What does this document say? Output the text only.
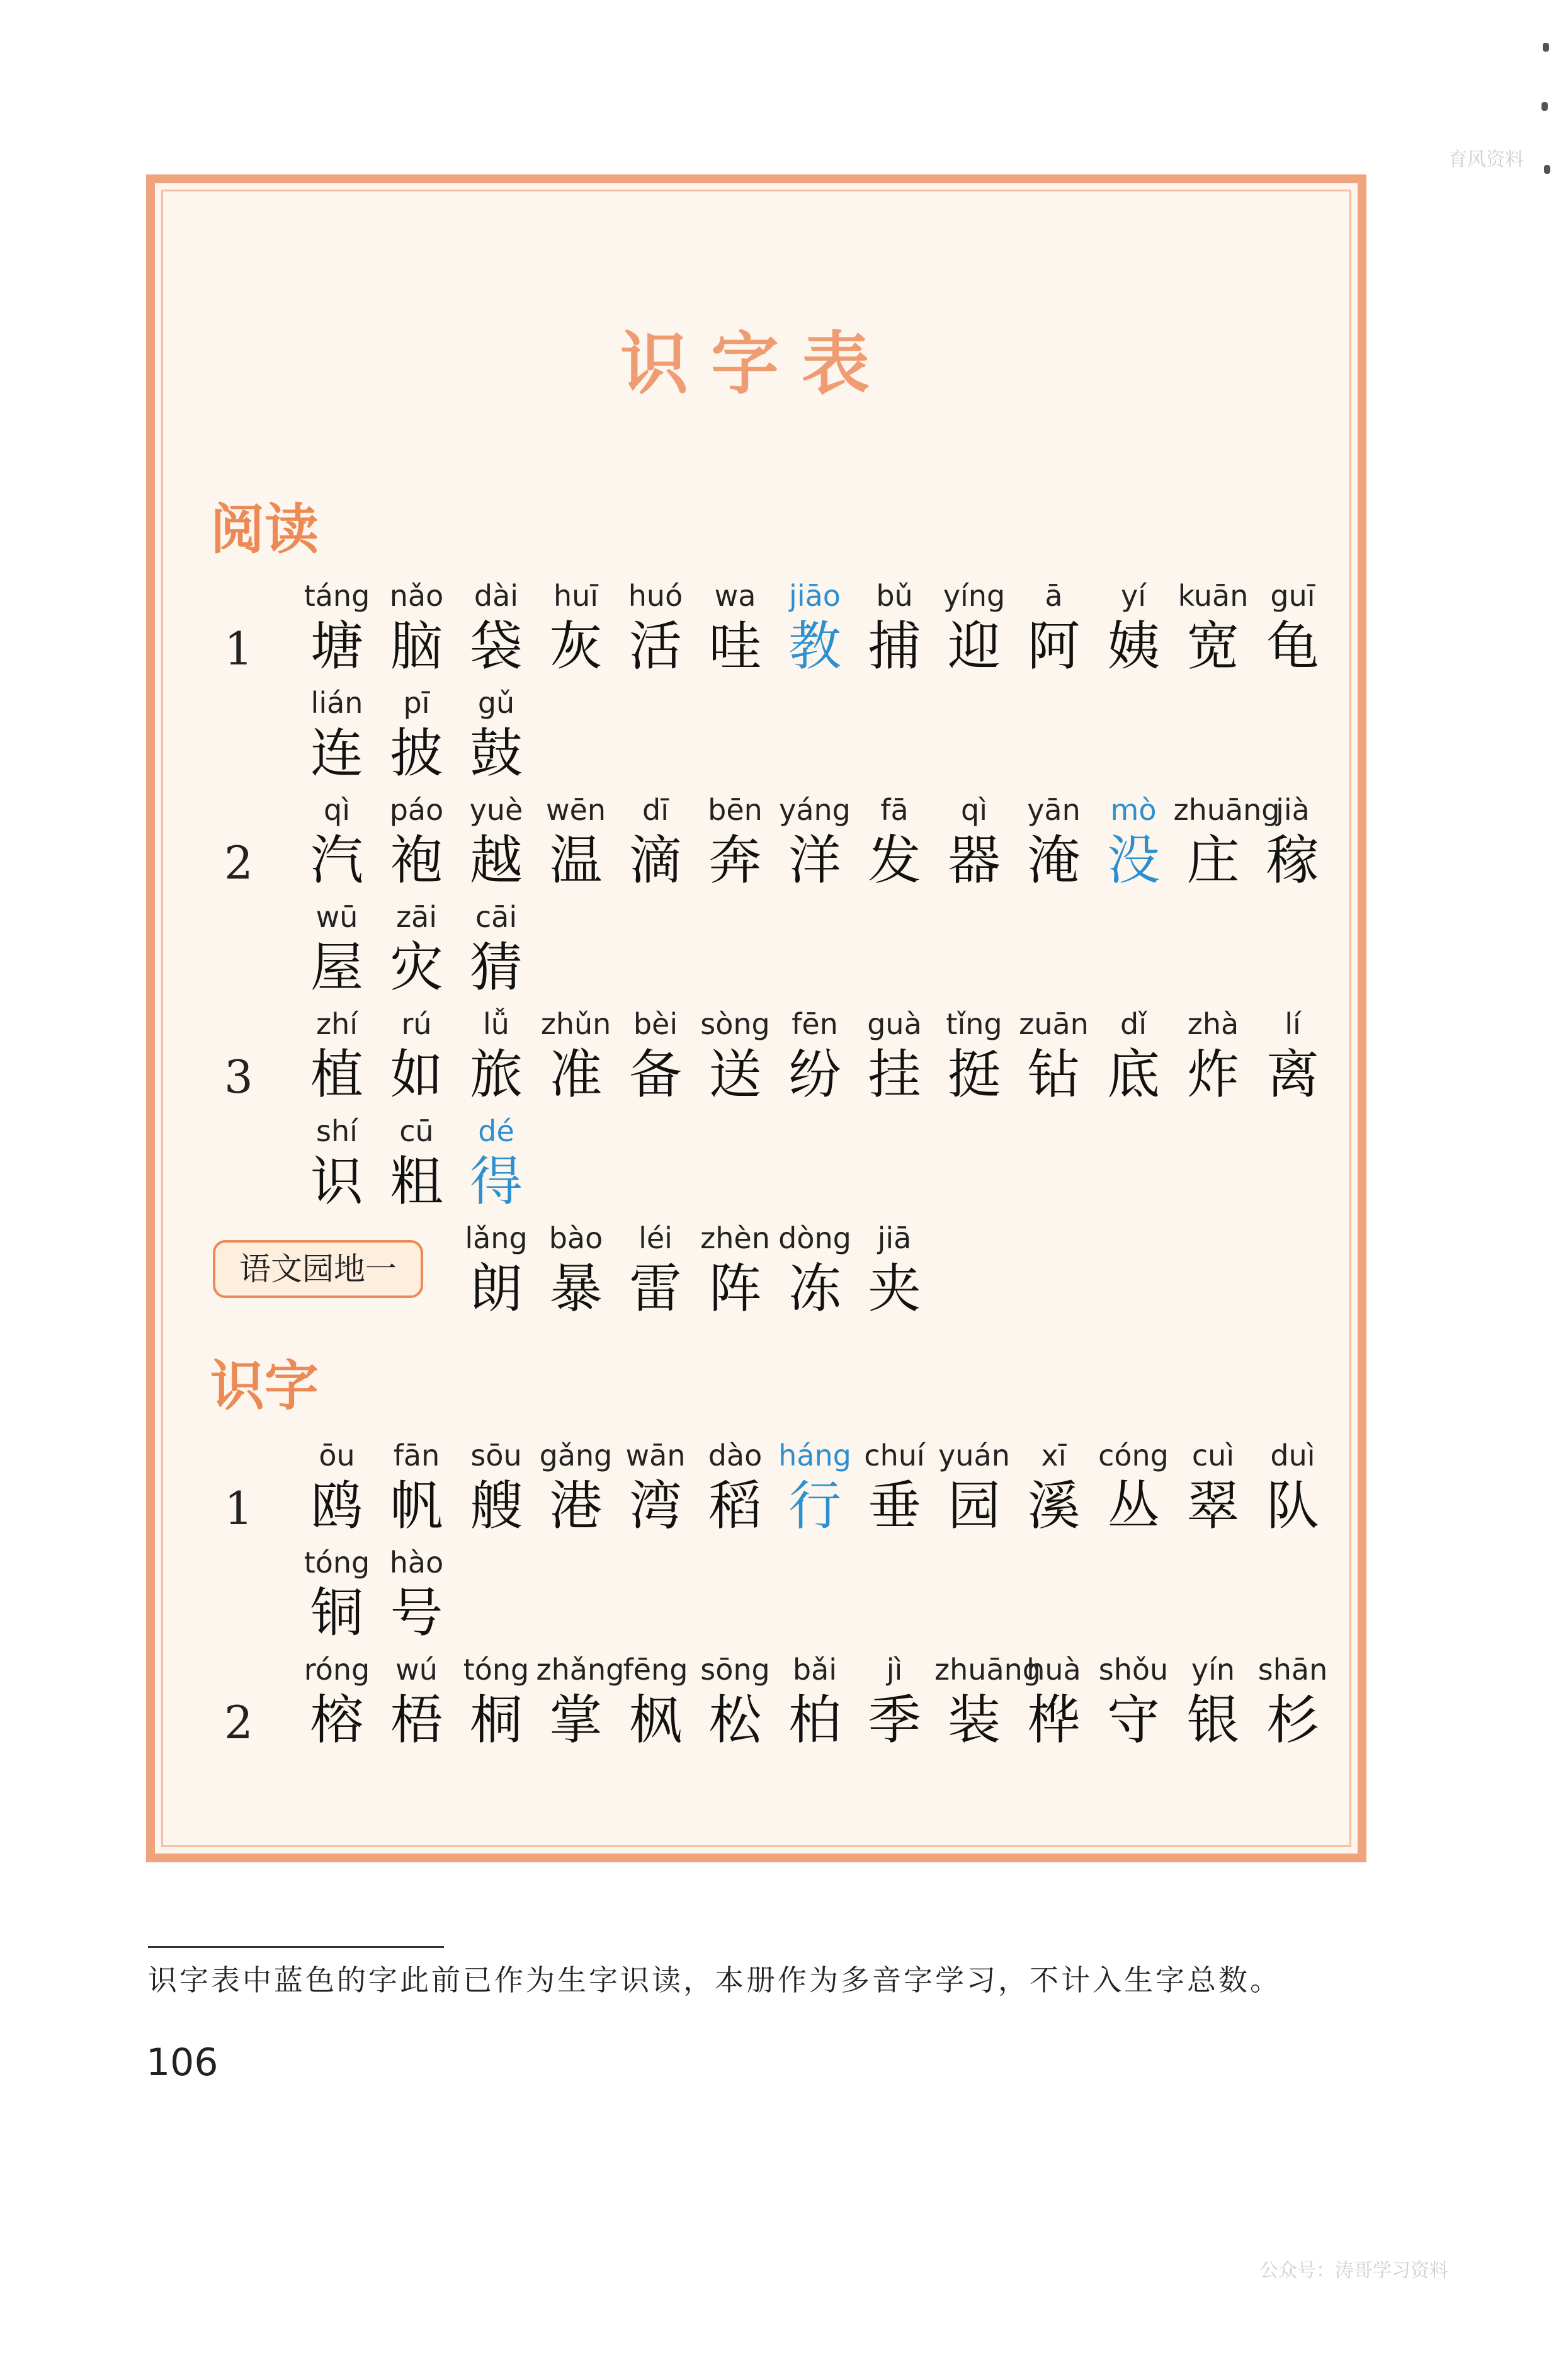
育风资料
识字表
阅读
1
táng
塘
nǎo
脑
dài
袋
huī
灰
huó
活
wa
哇
jiāo
教
bǔ
捕
yíng
迎
ā
阿
yí
姨
kuān
宽
guī
龟
lián
连
pī
披
gǔ
鼓
2
qì
汽
páo
袍
yuè
越
wēn
温
dī
滴
bēn
奔
yáng
洋
fā
发
qì
器
yān
淹
mò
没
zhuāng
庄
jià
稼
wū
屋
zāi
灾
cāi
猜
3
zhí
植
rú
如
lǚ
旅
zhǔn
准
bèi
备
sòng
送
fēn
纷
guà
挂
tǐng
挺
zuān
钻
dǐ
底
zhà
炸
lí
离
shí
识
cū
粗
dé
得
lǎng
朗
bào
暴
léi
雷
zhèn
阵
dòng
冻
jiā
夹
识字
1
ōu
鸥
fān
帆
sōu
艘
gǎng
港
wān
湾
dào
稻
háng
行
chuí
垂
yuán
园
xī
溪
cóng
丛
cuì
翠
duì
队
tóng
铜
hào
号
2
róng
榕
wú
梧
tóng
桐
zhǎng
掌
fēng
枫
sōng
松
bǎi
柏
jì
季
zhuāng
装
huà
桦
shǒu
守
yín
银
shān
杉
语文园地一
识字表中蓝色的字此前已作为生字识读，本册作为多音字学习，不计入生字总数。
106
公众号：涛哥学习资料
